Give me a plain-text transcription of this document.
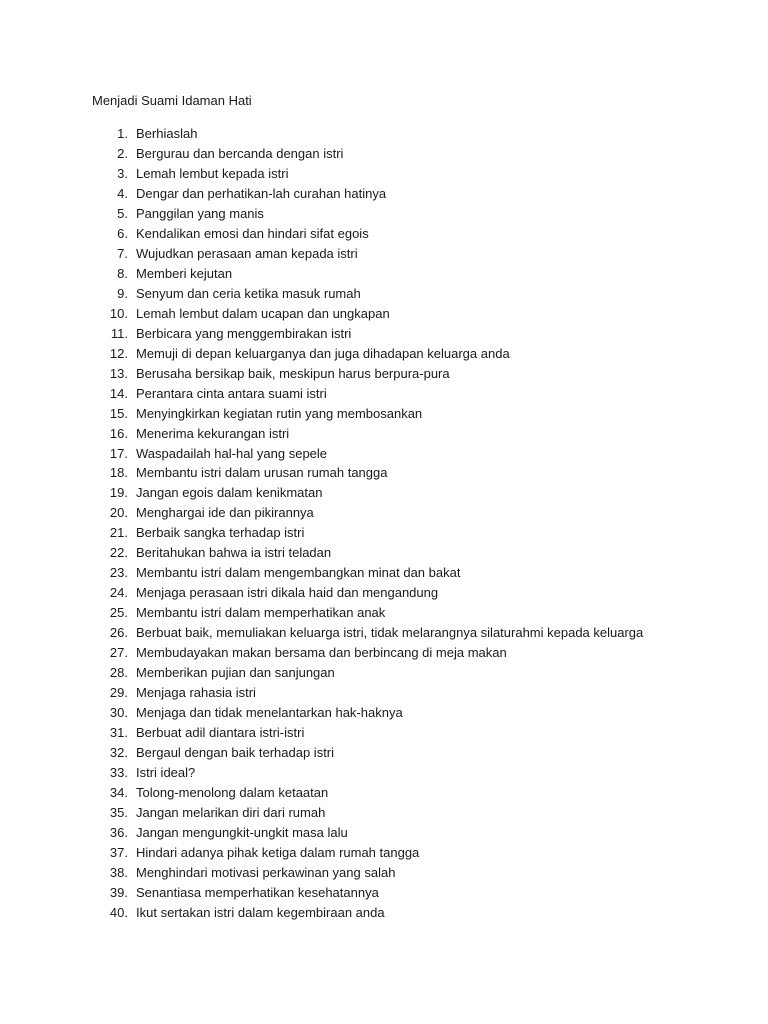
Menjadi Suami Idaman Hati
1. Berhiaslah
2. Bergurau dan bercanda dengan istri
3. Lemah lembut kepada istri
4. Dengar dan perhatikan-lah curahan hatinya
5. Panggilan yang manis
6. Kendalikan emosi dan hindari sifat egois
7. Wujudkan perasaan aman kepada istri
8. Memberi kejutan
9. Senyum dan ceria ketika masuk rumah
10. Lemah lembut dalam ucapan dan ungkapan
11. Berbicara yang menggembirakan istri
12. Memuji di depan keluarganya dan juga dihadapan keluarga anda
13. Berusaha bersikap baik, meskipun harus berpura-pura
14. Perantara cinta antara suami istri
15. Menyingkirkan kegiatan rutin yang membosankan
16. Menerima kekurangan istri
17. Waspadailah hal-hal yang sepele
18. Membantu istri dalam urusan rumah tangga
19. Jangan egois dalam kenikmatan
20. Menghargai ide dan pikirannya
21. Berbaik sangka terhadap istri
22. Beritahukan bahwa ia istri teladan
23. Membantu istri dalam mengembangkan minat dan bakat
24. Menjaga perasaan istri dikala haid dan mengandung
25. Membantu istri dalam memperhatikan anak
26. Berbuat baik, memuliakan keluarga istri, tidak melarangnya silaturahmi kepada keluarga
27. Membudayakan makan bersama dan berbincang di meja makan
28. Memberikan pujian dan sanjungan
29. Menjaga rahasia istri
30. Menjaga dan tidak menelantarkan hak-haknya
31. Berbuat adil diantara istri-istri
32. Bergaul dengan baik terhadap istri
33. Istri ideal?
34. Tolong-menolong dalam ketaatan
35. Jangan melarikan diri dari rumah
36. Jangan mengungkit-ungkit masa lalu
37. Hindari adanya pihak ketiga dalam rumah tangga
38. Menghindari motivasi perkawinan yang salah
39. Senantiasa memperhatikan kesehatannya
40. Ikut sertakan istri dalam kegembiraan anda
